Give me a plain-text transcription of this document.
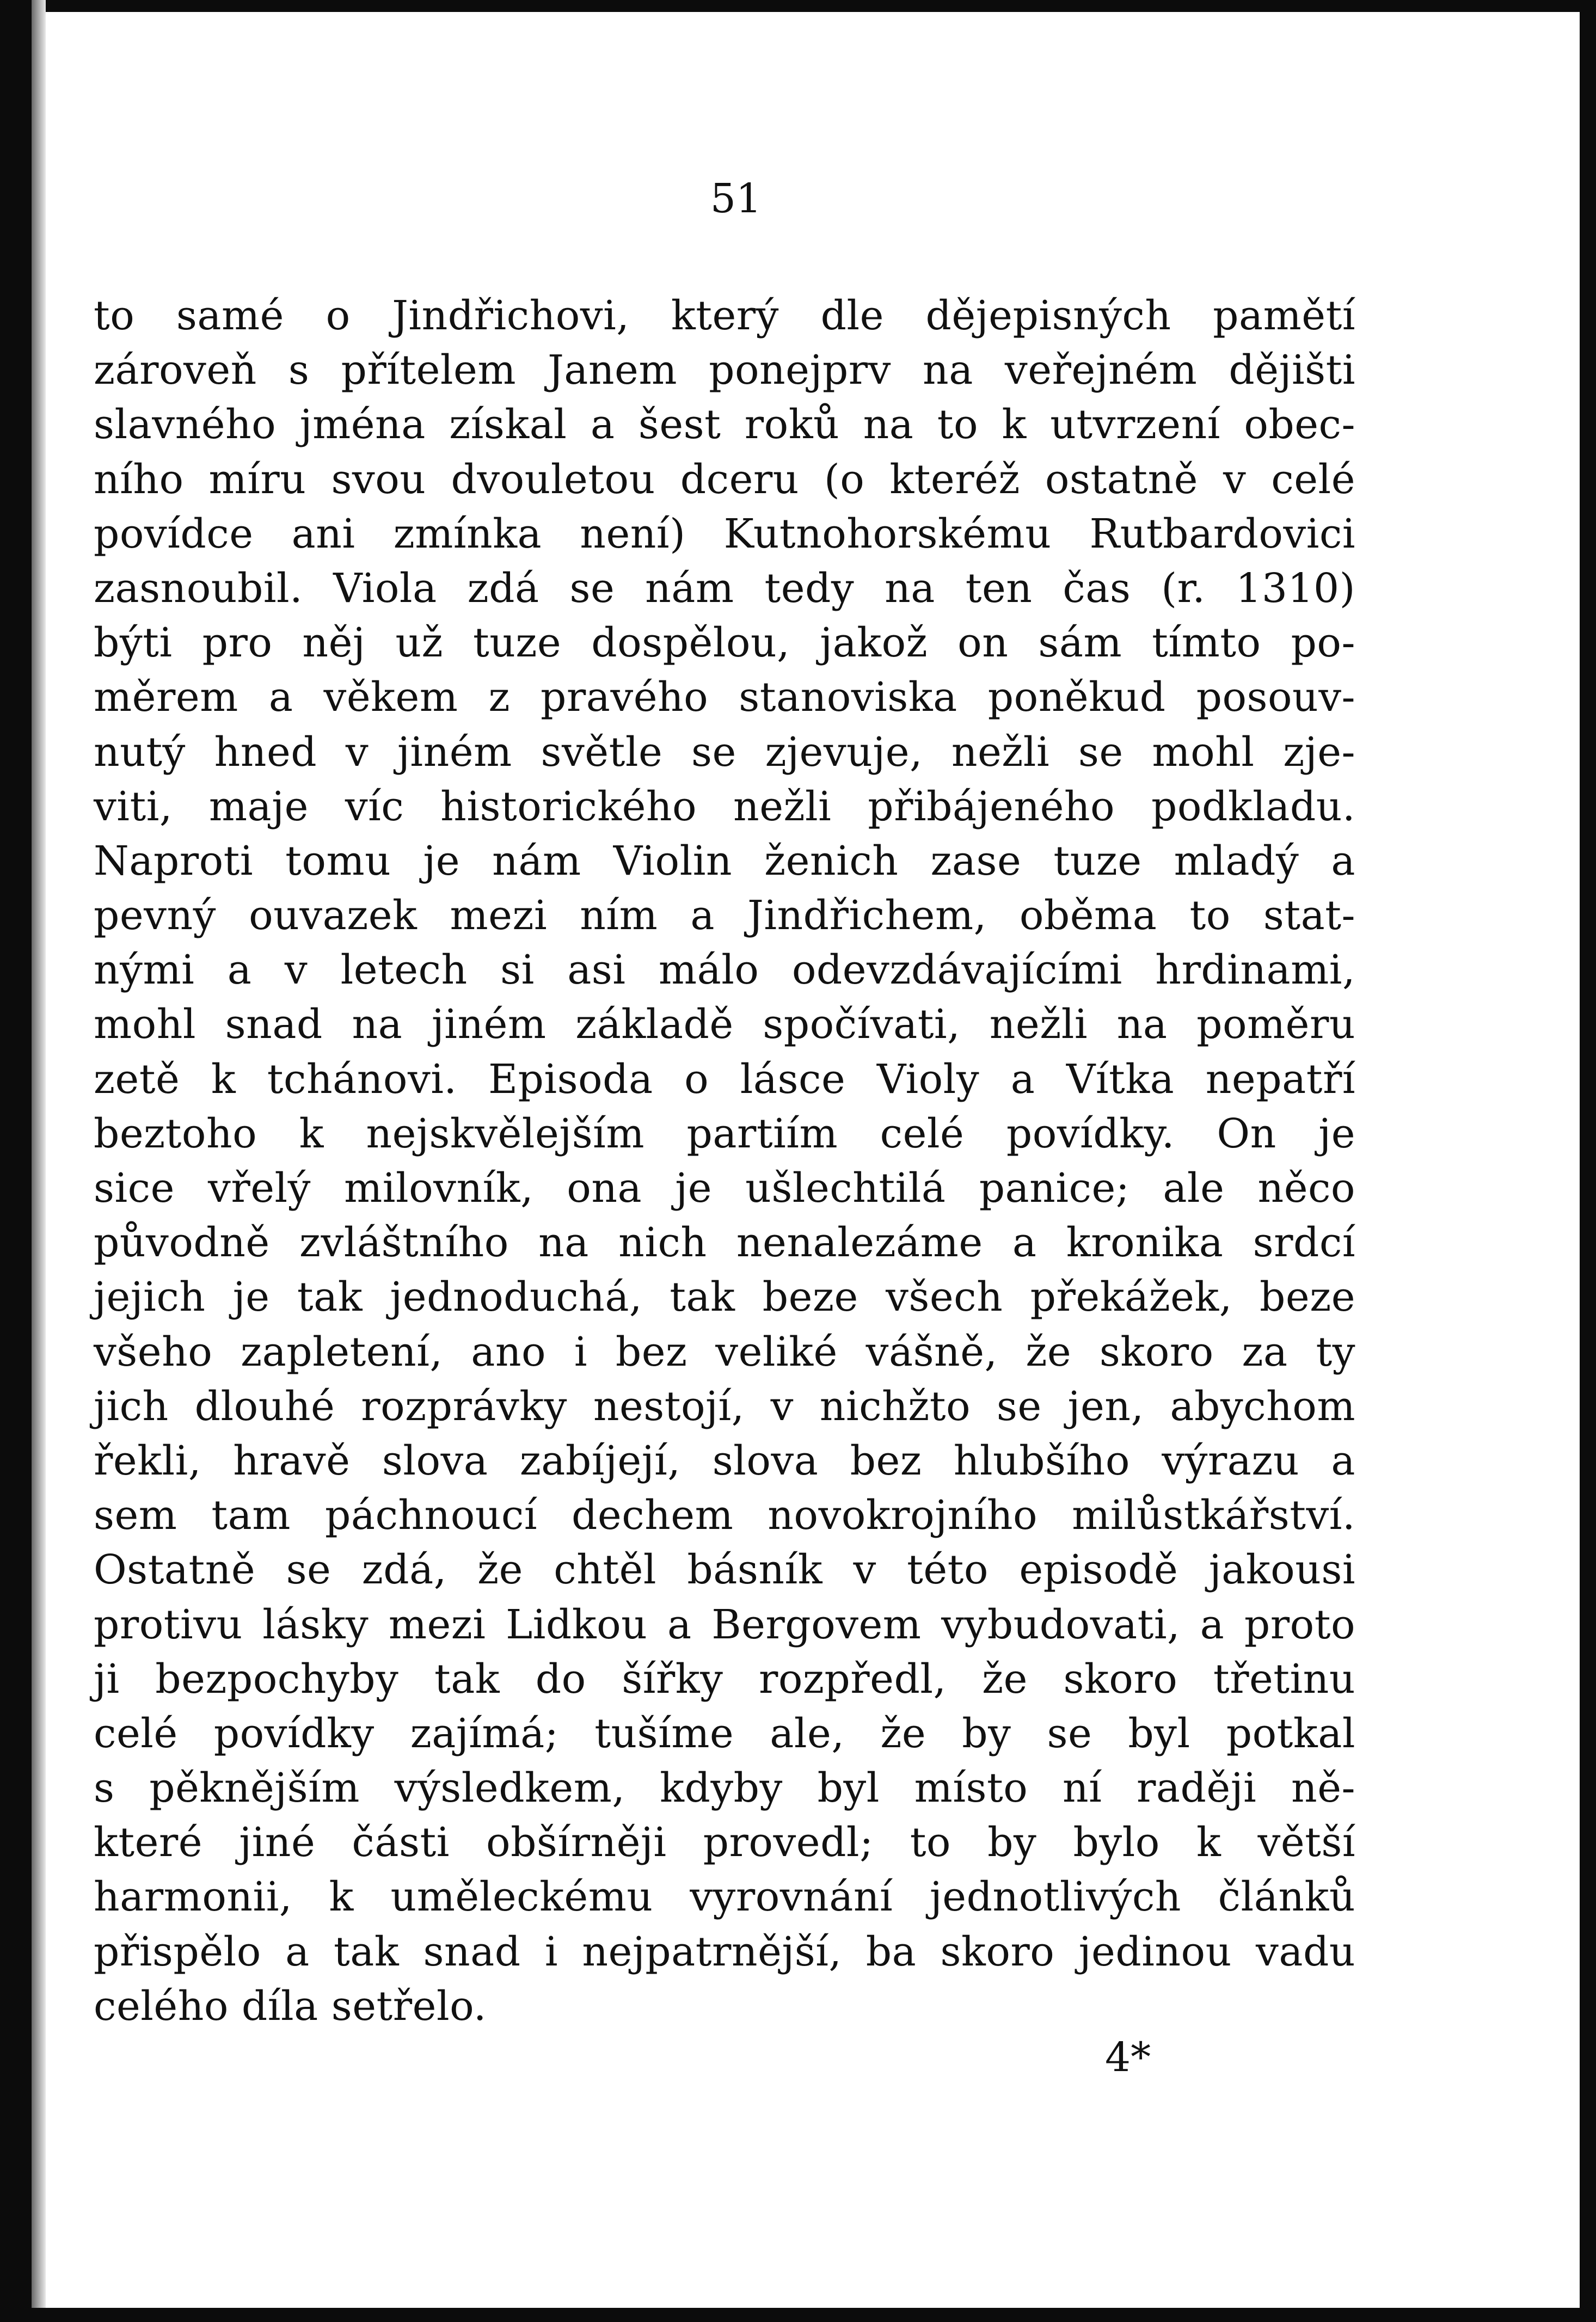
51
to samé o Jindřichovi, který dle dějepisných pamětí
zároveň s přítelem Janem ponejprv na veřejném dějišti
slavného jména získal a šest roků na to k utvrzení obec-
ního míru svou dvouletou dceru (o kteréž ostatně v celé
povídce ani zmínka není) Kutnohorskému Rutbardovici
zasnoubil. Viola zdá se nám tedy na ten čas (r. 1310)
býti pro něj už tuze dospělou, jakož on sám tímto po-
měrem a věkem z pravého stanoviska poněkud posouv-
nutý hned v jiném světle se zjevuje, nežli se mohl zje-
viti, maje víc historického nežli přibájeného podkladu.
Naproti tomu je nám Violin ženich zase tuze mladý a
pevný ouvazek mezi ním a Jindřichem, oběma to stat-
nými a v letech si asi málo odevzdávajícími hrdinami,
mohl snad na jiném základě spočívati, nežli na poměru
zetě k tchánovi. Episoda o lásce Violy a Vítka nepatří
beztoho k nejskvělejším partiím celé povídky. On je
sice vřelý milovník, ona je ušlechtilá panice; ale něco
původně zvláštního na nich nenalezáme a kronika srdcí
jejich je tak jednoduchá, tak beze všech překážek, beze
všeho zapletení, ano i bez veliké vášně, že skoro za ty
jich dlouhé rozprávky nestojí, v nichžto se jen, abychom
řekli, hravě slova zabíjejí, slova bez hlubšího výrazu a
sem tam páchnoucí dechem novokrojního milůstkářství.
Ostatně se zdá, že chtěl básník v této episodě jakousi
protivu lásky mezi Lidkou a Bergovem vybudovati, a proto
ji bezpochyby tak do šířky rozpředl, že skoro třetinu
celé povídky zajímá; tušíme ale, že by se byl potkal
s pěknějším výsledkem, kdyby byl místo ní raději ně-
které jiné části obšírněji provedl; to by bylo k větší
harmonii, k uměleckému vyrovnání jednotlivých článků
přispělo a tak snad i nejpatrnější, ba skoro jedinou vadu
celého díla setřelo.
4*
